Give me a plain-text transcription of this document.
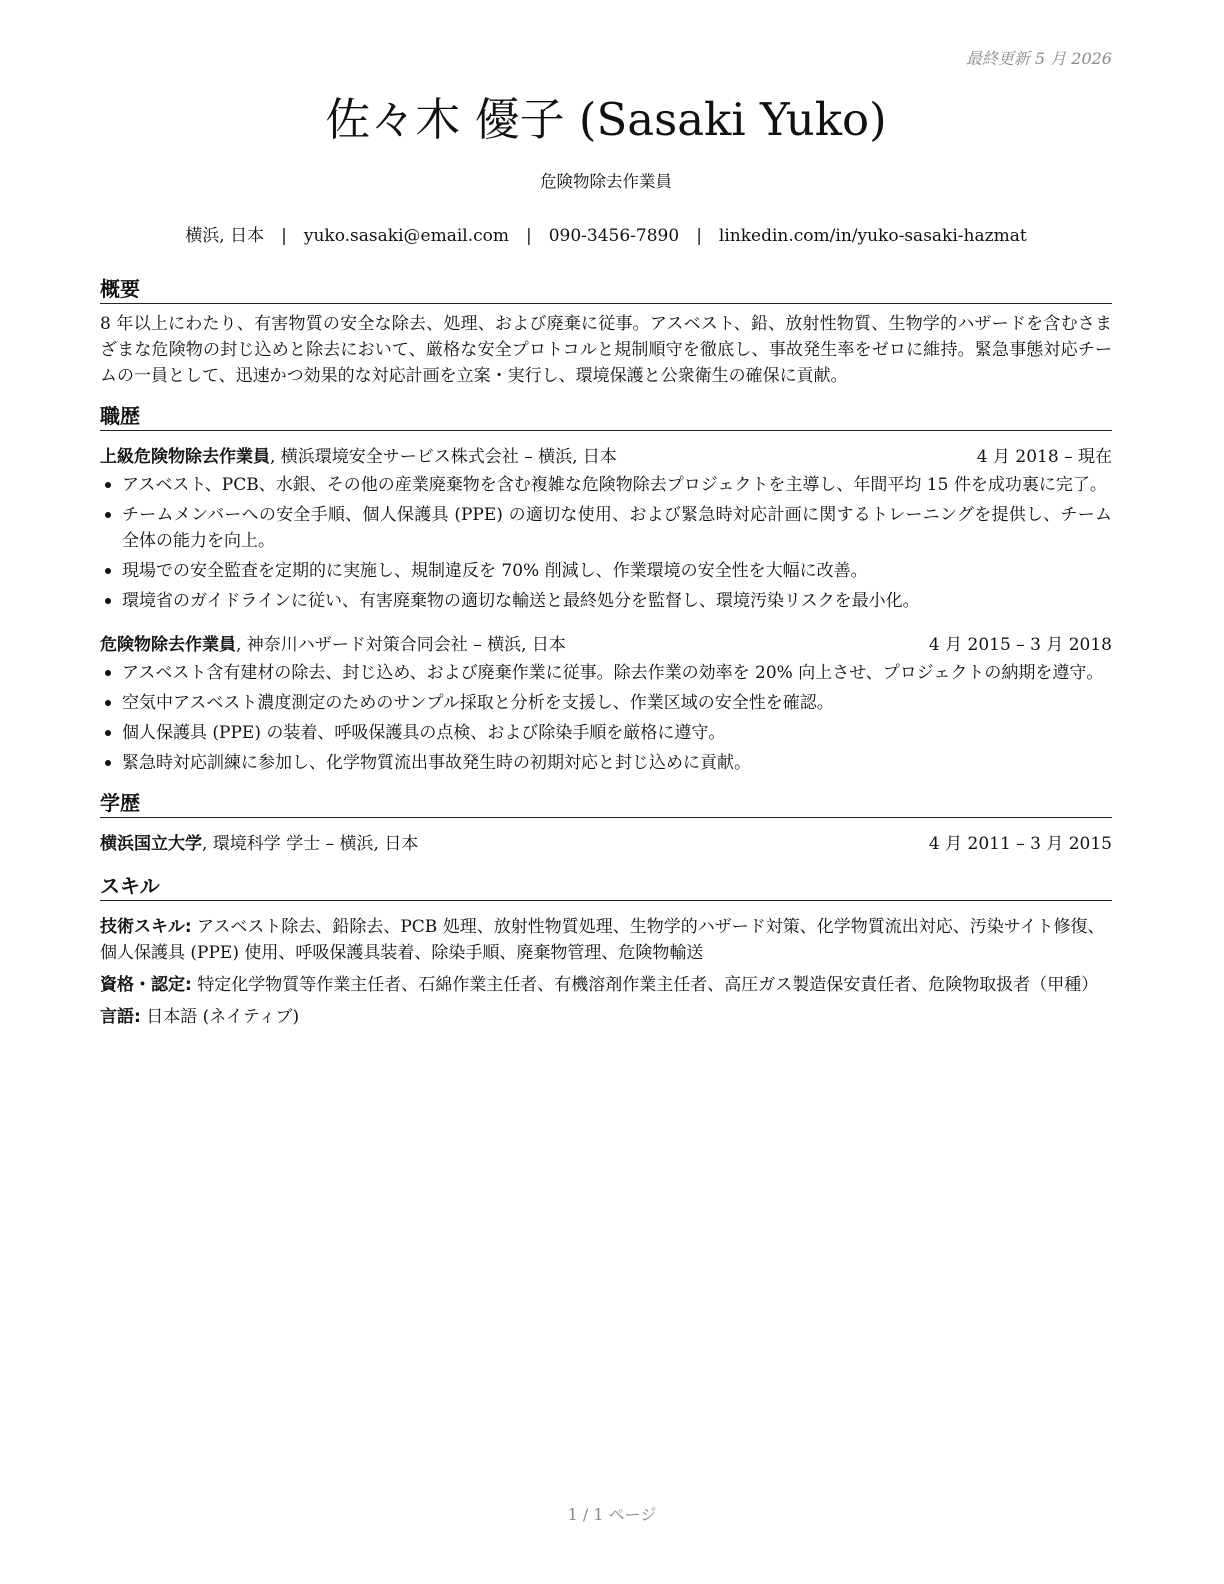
最終更新 5 月 2026
佐々木 優子 (Sasaki Yuko)
危険物除去作業員
横浜, 日本 | yuko.sasaki@email.com | 090-3456-7890 | linkedin.com/in/yuko-sasaki-hazmat
概要

8 年以上にわたり、有害物質の安全な除去、処理、および廃棄に従事。アスベスト、鉛、放射性物質、生物学的ハザードを含むさまざまな危険物の封じ込めと除去において、厳格な安全プロトコルと規制順守を徹底し、事故発生率をゼロに維持。緊急事態対応チームの一員として、迅速かつ効果的な対応計画を立案・実行し、環境保護と公衆衛生の確保に貢献。

職歴
上級危険物除去作業員, 横浜環境安全サービス株式会社 – 横浜, 日本	4 月 2018 – 現在
アスベスト、PCB、水銀、その他の産業廃棄物を含む複雑な危険物除去プロジェクトを主導し、年間平均 15 件を成功裏に完了。
チームメンバーへの安全手順、個人保護具 (PPE) の適切な使用、および緊急時対応計画に関するトレーニングを提供し、チーム全体の能力を向上。
現場での安全監査を定期的に実施し、規制違反を 70% 削減し、作業環境の安全性を大幅に改善。
環境省のガイドラインに従い、有害廃棄物の適切な輸送と最終処分を監督し、環境汚染リスクを最小化。
危険物除去作業員, 神奈川ハザード対策合同会社 – 横浜, 日本	4 月 2015 – 3 月 2018
アスベスト含有建材の除去、封じ込め、および廃棄作業に従事。除去作業の効率を 20% 向上させ、プロジェクトの納期を遵守。
空気中アスベスト濃度測定のためのサンプル採取と分析を支援し、作業区域の安全性を確認。
個人保護具 (PPE) の装着、呼吸保護具の点検、および除染手順を厳格に遵守。
緊急時対応訓練に参加し、化学物質流出事故発生時の初期対応と封じ込めに貢献。
学歴
横浜国立大学, 環境科学 学士 – 横浜, 日本	4 月 2011 – 3 月 2015
スキル
技術スキル: アスベスト除去、鉛除去、PCB 処理、放射性物質処理、生物学的ハザード対策、化学物質流出対応、汚染サイト修復、個人保護具 (PPE) 使用、呼吸保護具装着、除染手順、廃棄物管理、危険物輸送
資格・認定: 特定化学物質等作業主任者、石綿作業主任者、有機溶剤作業主任者、高圧ガス製造保安責任者、危険物取扱者（甲種）
言語: 日本語 (ネイティブ)
1 / 1 ページ
